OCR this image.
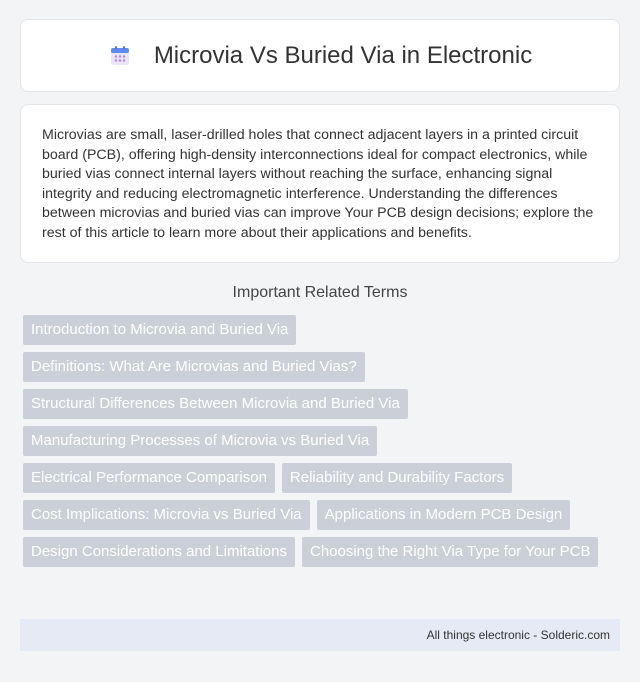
Microvia Vs Buried Via in Electronic

Microvias are small, laser-drilled holes that connect adjacent layers in a printed circuit board (PCB), offering high-density interconnections ideal for compact electronics, while buried vias connect internal layers without reaching the surface, enhancing signal integrity and reducing electromagnetic interference. Understanding the differences between microvias and buried vias can improve Your PCB design decisions; explore the rest of this article to learn more about their applications and benefits.

Important Related Terms
Introduction to Microvia and Buried Via
Definitions: What Are Microvias and Buried Vias?
Structural Differences Between Microvia and Buried Via
Manufacturing Processes of Microvia vs Buried Via
Electrical Performance Comparison	Reliability and Durability Factors
Cost Implications: Microvia vs Buried Via	Applications in Modern PCB Design
Design Considerations and Limitations	Choosing the Right Via Type for Your PCB
All things electronic - Solderic.com
